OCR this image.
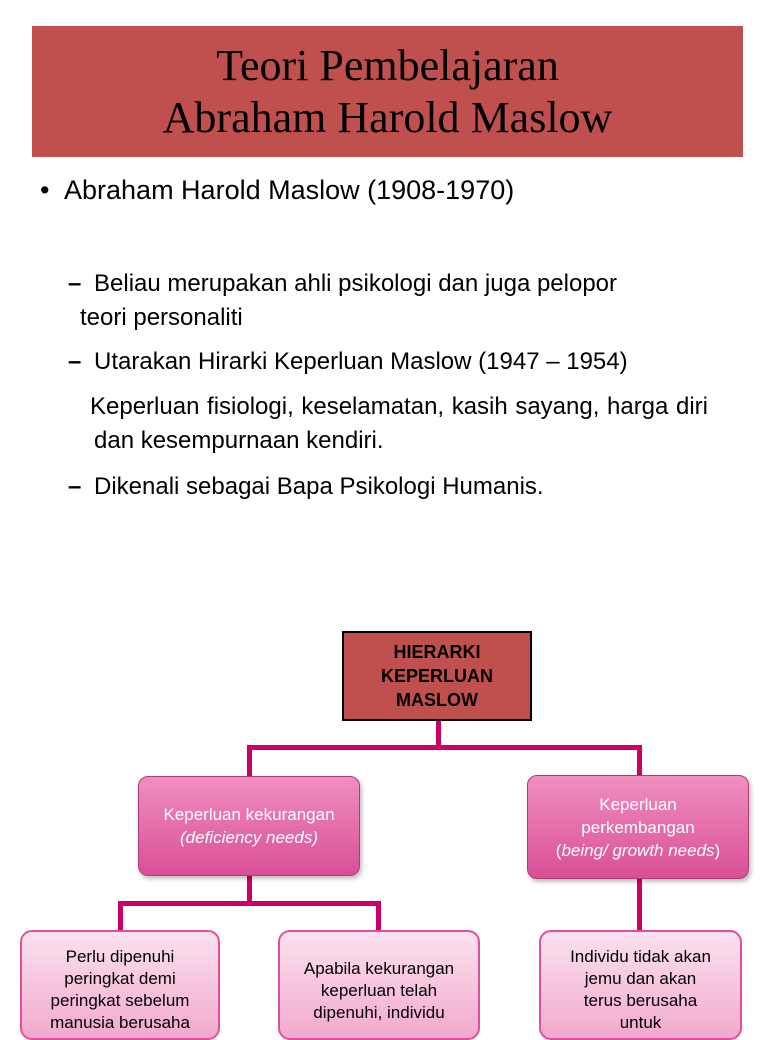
Teori Pembelajaran
Abraham Harold Maslow
• Abraham Harold Maslow (1908-1970)
– Beliau merupakan ahli psikologi dan juga pelopor
teori personaliti
– Utarakan Hirarki Keperluan Maslow (1947 – 1954)
Keperluan fisiologi, keselamatan, kasih sayang, harga diri dan kesempurnaan kendiri.
– Dikenali sebagai Bapa Psikologi Humanis.
HIERARKI
KEPERLUAN
MASLOW
Keperluan kekurangan
(deficiency needs)
Keperluan
perkembangan
(being/ growth needs)
Perlu dipenuhi
peringkat demi
peringkat sebelum
manusia berusaha
Apabila kekurangan
keperluan telah
dipenuhi, individu
Individu tidak akan
jemu dan akan
terus berusaha
untuk
